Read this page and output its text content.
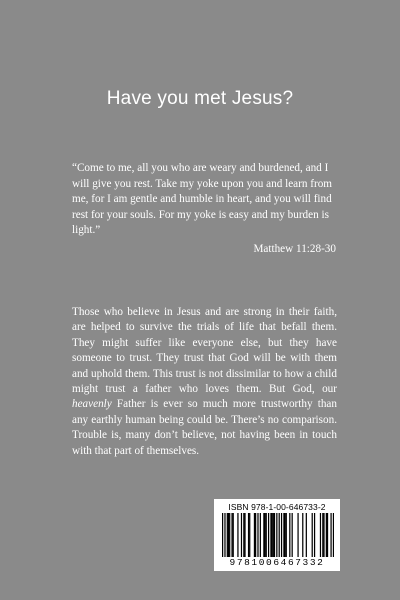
Have you met Jesus?
“Come to me, all you who are weary and burdened, and I will give you rest. Take my yoke upon you and learn from me, for I am gentle and humble in heart, and you will find rest for your souls. For my yoke is easy and my burden is light.”
Matthew 11:28-30
Those who believe in Jesus and are strong in their faith, are helped to survive the trials of life that befall them. They might suffer like everyone else, but they have someone to trust. They trust that God will be with them and uphold them. This trust is not dissimilar to how a child might trust a father who loves them. But God, our heavenly Father is ever so much more trustworthy than any earthly human being could be. There’s no comparison. Trouble is, many don’t believe, not having been in touch with that part of themselves.
ISBN 978-1-00-646733-2
9781006467332
